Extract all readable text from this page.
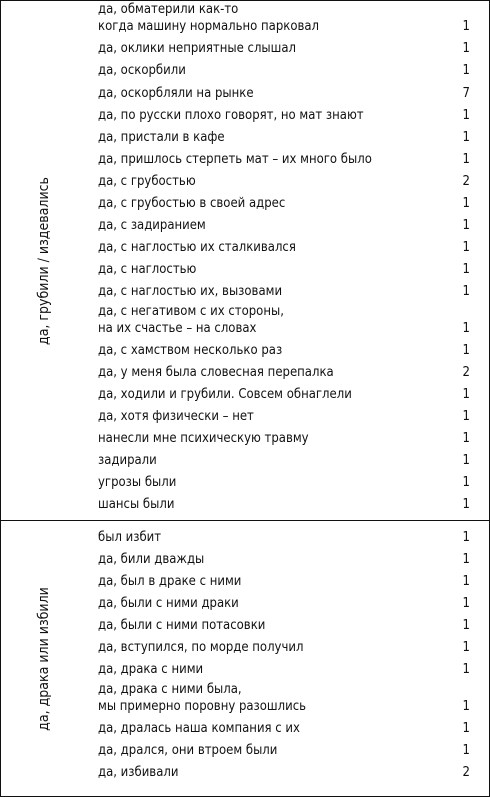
да, грубили / издевались
да, обматерили как-то
когда машину нормально парковал	1
да, оклики неприятные слышал	1
да, оскорбили	1
да, оскорбляли на рынке	7
да, по русски плохо говорят, но мат знают	1
да, пристали в кафе	1
да, пришлось стерпеть мат – их много было	1
да, с грубостью	2
да, с грубостью в своей адрес	1
да, с задиранием	1
да, с наглостью их сталкивался	1
да, с наглостью	1
да, с наглостью их, вызовами	1
да, с негативом с их стороны,
на их счастье – на словах	1
да, с хамством несколько раз	1
да, у меня была словесная перепалка	2
да, ходили и грубили. Совсем обнаглели	1
да, хотя физически – нет	1
нанесли мне психическую травму	1
задирали	1
угрозы были	1
шансы были	1
да, драка или избили
был избит	1
да, били дважды	1
да, был в драке с ними	1
да, были с ними драки	1
да, были с ними потасовки	1
да, вступился, по морде получил	1
да, драка с ними	1
да, драка с ними была,
мы примерно поровну разошлись	1
да, дралась наша компания с их	1
да, дрался, они втроем были	1
да, избивали	2
